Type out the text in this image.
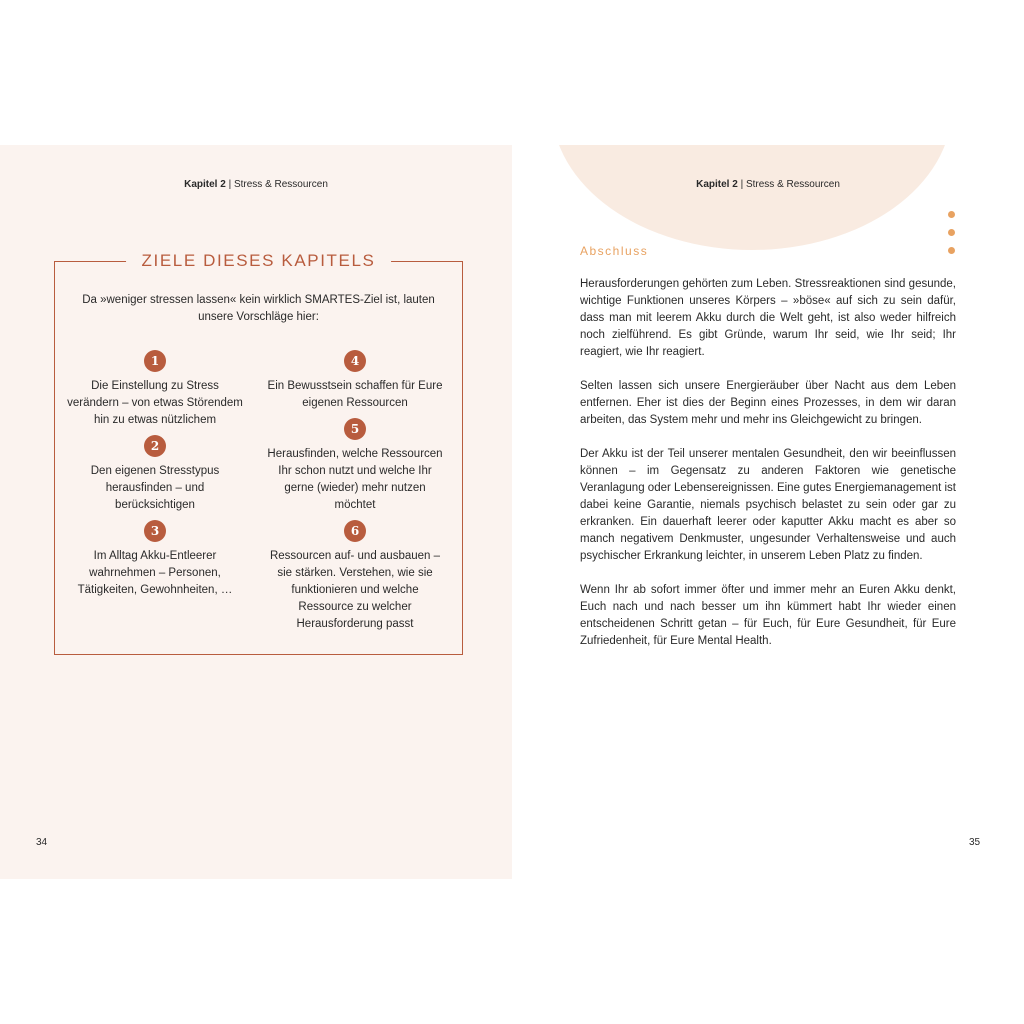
Kapitel 2 | Stress & Ressourcen
ZIELE DIESES KAPITELS
Da »weniger stressen lassen« kein wirklich SMARTES-Ziel ist, lauten unsere Vorschläge hier:
1
Die Einstellung zu Stress verändern – von etwas Störendem hin zu etwas nützlichem
2
Den eigenen Stresstypus herausfinden – und berücksichtigen
3
Im Alltag Akku-Entleerer wahrnehmen – Personen, Tätigkeiten, Gewohnheiten, …
4
Ein Bewusstsein schaffen für Eure eigenen Ressourcen
5
Herausfinden, welche Ressourcen Ihr schon nutzt und welche Ihr gerne (wieder) mehr nutzen möchtet
6
Ressourcen auf- und ausbauen – sie stärken. Verstehen, wie sie funktionieren und welche Ressource zu welcher Herausforderung passt
34
Kapitel 2 | Stress & Ressourcen
Abschluss

Herausforderungen gehörten zum Leben. Stressreaktionen sind gesunde, wichtige Funktionen unseres Körpers – »böse« auf sich zu sein dafür, dass man mit leerem Akku durch die Welt geht, ist also weder hilfreich noch zielführend. Es gibt Gründe, warum Ihr seid, wie Ihr seid; Ihr reagiert, wie Ihr reagiert.

Selten lassen sich unsere Energieräuber über Nacht aus dem Leben entfernen. Eher ist dies der Beginn eines Prozesses, in dem wir daran arbeiten, das System mehr und mehr ins Gleichgewicht zu bringen.

Der Akku ist der Teil unserer mentalen Gesundheit, den wir beeinflussen können – im Gegensatz zu anderen Faktoren wie genetische Veranlagung oder Lebensereignissen. Eine gutes Energiemanagement ist dabei keine Garantie, niemals psychisch belastet zu sein oder gar zu erkranken. Ein dauerhaft leerer oder kaputter Akku macht es aber so manch negativem Denkmuster, ungesunder Verhaltensweise und auch psychischer Erkrankung leichter, in unserem Leben Platz zu finden.

Wenn Ihr ab sofort immer öfter und immer mehr an Euren Akku denkt, Euch nach und nach besser um ihn kümmert habt Ihr wieder einen entscheidenen Schritt getan – für Euch, für Eure Gesundheit, für Eure Zufriedenheit, für Eure Mental Health.

35
